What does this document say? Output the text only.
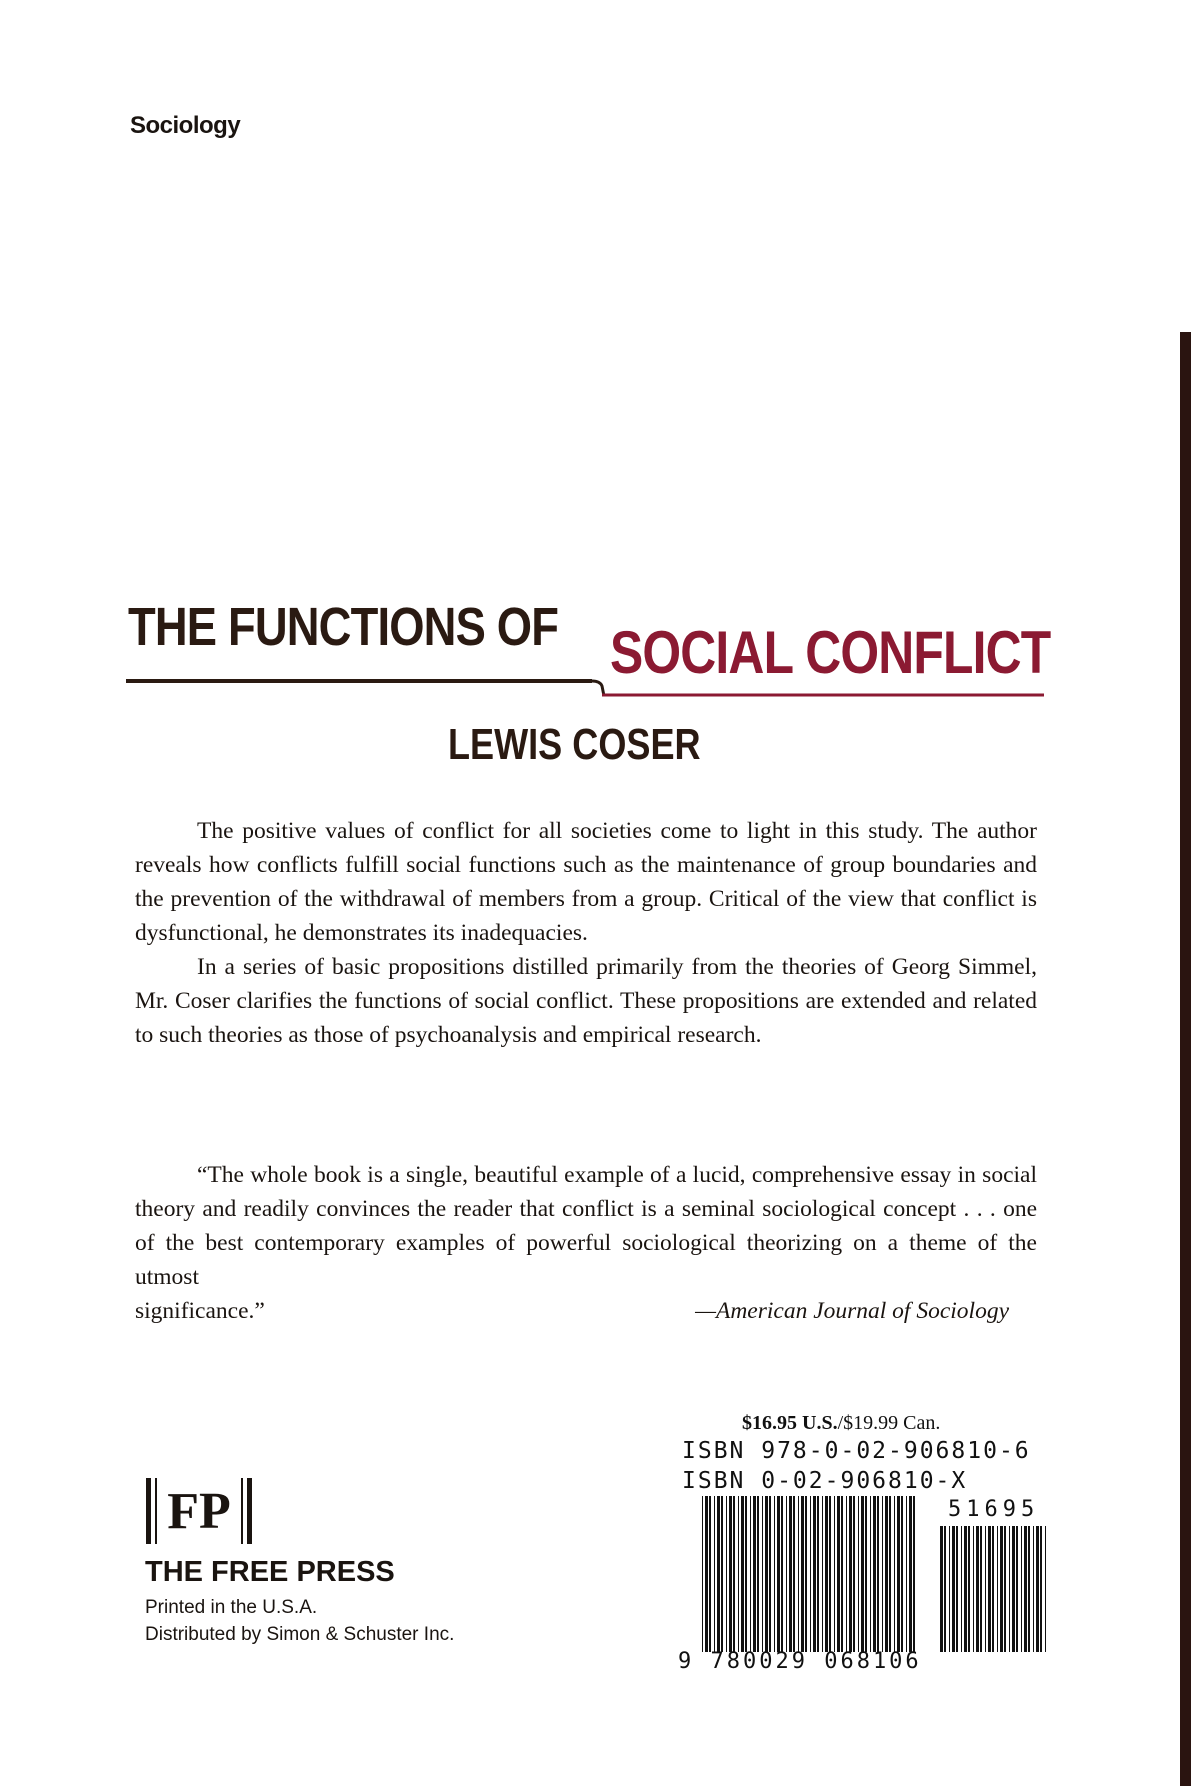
Sociology
THE FUNCTIONS OF SOCIAL CONFLICT
LEWIS COSER

The positive values of conflict for all societies come to light in this study. The author reveals how conflicts fulfill social functions such as the maintenance of group boundaries and the prevention of the withdrawal of members from a group. Critical of the view that conflict is dysfunctional, he demonstrates its inadequacies.

In a series of basic propositions distilled primarily from the theories of Georg Simmel, Mr. Coser clarifies the functions of social conflict. These propositions are extended and related to such theories as those of psychoanalysis and empirical research.

“The whole book is a single, beautiful example of a lucid, comprehensive essay in social theory and readily convinces the reader that conflict is a seminal sociological concept . . . one of the best contemporary examples of powerful sociological theorizing on a theme of the utmost

significance.”	—American Journal of Sociology
FP
THE FREE PRESS
Printed in the U.S.A.
Distributed by Simon & Schuster Inc.
$16.95 U.S./$19.99 Can.
ISBN 978-0-02-906810-6
ISBN 0-02-906810-X
9 780029 068106
51695
